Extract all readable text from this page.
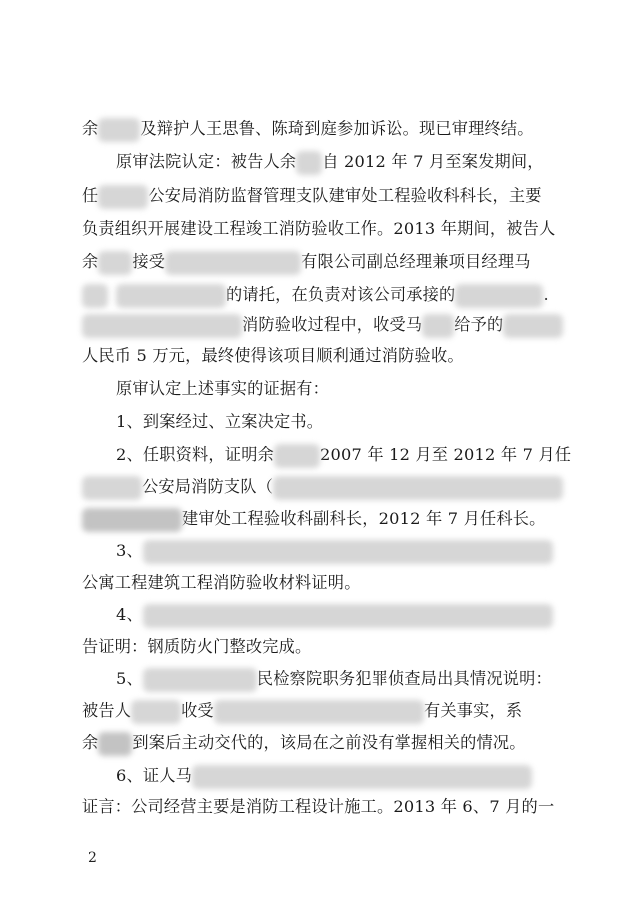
余	及辩护人王思鲁、陈琦到庭参加诉讼。现已审理终结。
原审法院认定：被告人余 自 2012 年 7 月至案发期间，
任	公安局消防监督管理支队建审处工程验收科科长，主要
负责组织开展建设工程竣工消防验收工作。2013 年期间，被告人
余 接受	有限公司副总经理兼项目经理马
的请托，在负责对该公司承接的	.
消防验收过程中，收受马 给予的
人民币 5 万元，最终使得该项目顺利通过消防验收。
原审认定上述事实的证据有：
1、到案经过、立案决定书。
2、任职资料，证明余	2007 年 12 月至 2012 年 7 月任
公安局消防支队（
建审处工程验收科副科长，2012 年 7 月任科长。
3、
公寓工程建筑工程消防验收材料证明。
4、
告证明：钢质防火门整改完成。
5、	民检察院职务犯罪侦查局出具情况说明：
被告人	收受	有关事实，系
余 到案后主动交代的，该局在之前没有掌握相关的情况。
6、证人马
证言：公司经营主要是消防工程设计施工。2013 年 6、7 月的一
2
